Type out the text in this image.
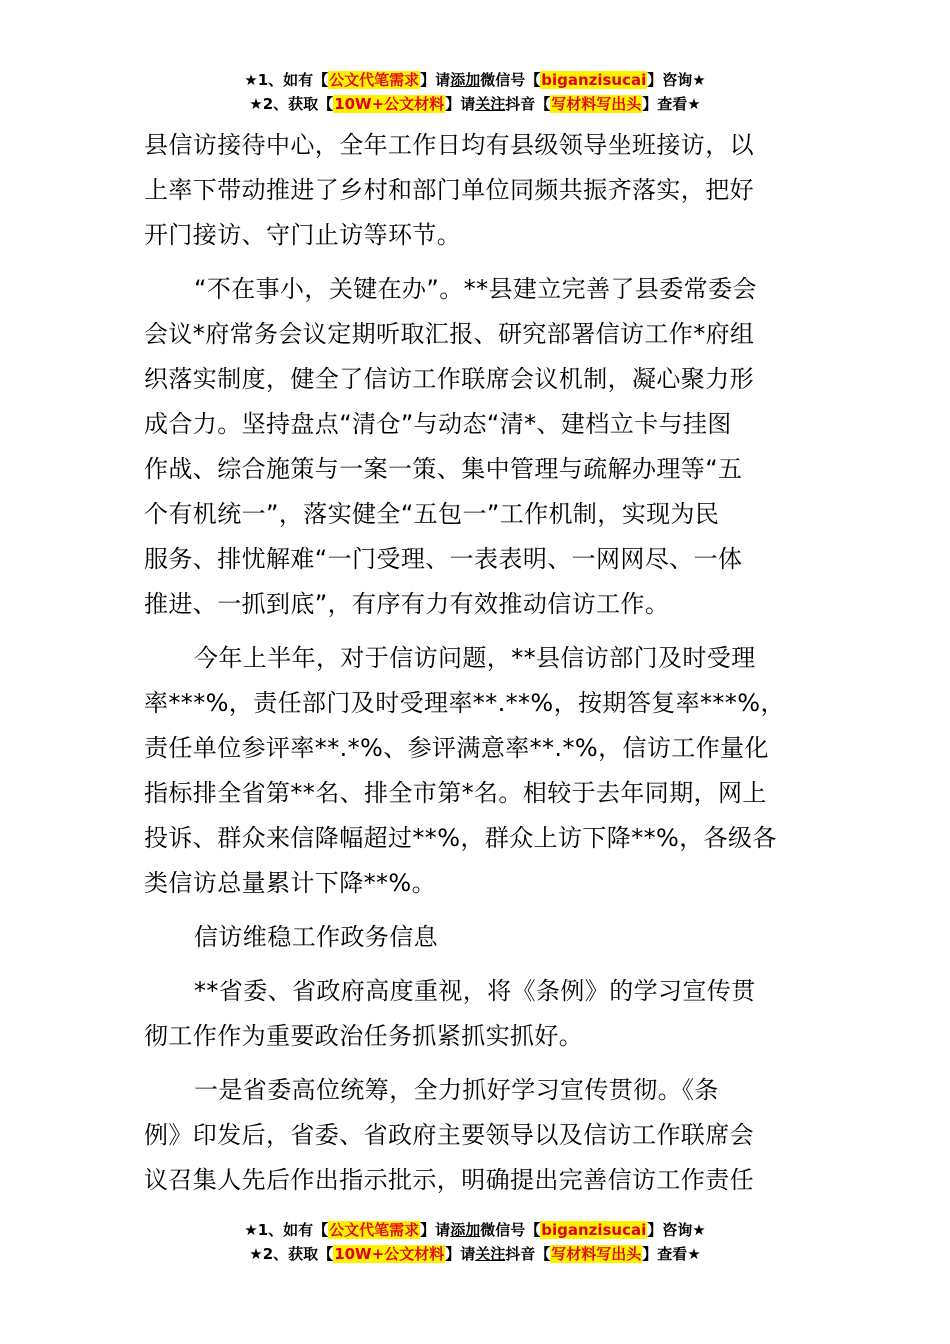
★1、如有【公文代笔需求】请添加微信号【biganzisucai】咨询★
★2、获取【10W+公文材料】请关注抖音【写材料写出头】查看★
县信访接待中心，全年工作日均有县级领导坐班接访，以
上率下带动推进了乡村和部门单位同频共振齐落实，把好
开门接访、守门止访等环节。
“不在事小，关键在办”。**县建立完善了县委常委会
会议*府常务会议定期听取汇报、研究部署信访工作*府组
织落实制度，健全了信访工作联席会议机制，凝心聚力形
成合力。坚持盘点“清仓”与动态“清*、建档立卡与挂图
作战、综合施策与一案一策、集中管理与疏解办理等“五
个有机统一”，落实健全“五包一”工作机制，实现为民
服务、排忧解难“一门受理、一表表明、一网网尽、一体
推进、一抓到底”，有序有力有效推动信访工作。
今年上半年，对于信访问题，**县信访部门及时受理
率***%，责任部门及时受理率**.**%，按期答复率***%，
责任单位参评率**.*%、参评满意率**.*%，信访工作量化
指标排全省第**名、排全市第*名。相较于去年同期，网上
投诉、群众来信降幅超过**%，群众上访下降**%，各级各
类信访总量累计下降**%。
信访维稳工作政务信息
**省委、省政府高度重视，将《条例》的学习宣传贯
彻工作作为重要政治任务抓紧抓实抓好。
一是省委高位统筹，全力抓好学习宣传贯彻。《条
例》印发后，省委、省政府主要领导以及信访工作联席会
议召集人先后作出指示批示，明确提出完善信访工作责任
★1、如有【公文代笔需求】请添加微信号【biganzisucai】咨询★
★2、获取【10W+公文材料】请关注抖音【写材料写出头】查看★
